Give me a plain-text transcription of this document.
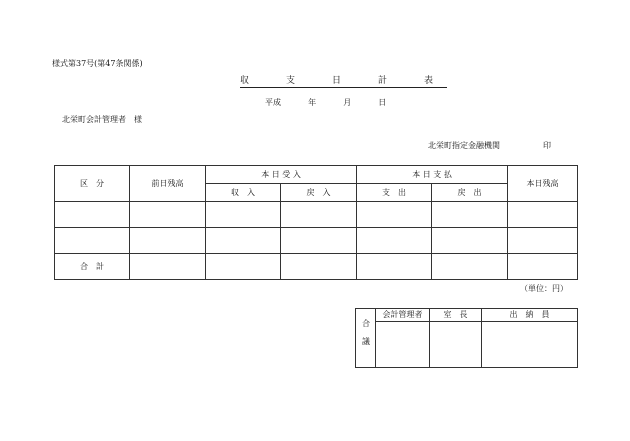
様式第37号(第47条関係)
収　支　日　計　表
平成	年	月	日
北栄町会計管理者　様
北栄町指定金融機関	印
区　分	前日残高	本 日 受 入		本 日 支 払		本日残高
		収　入	戻　入	支　出	戻　出	

合　計						
（単位：円）
合議	会計管理者	室　長	出　納　員
